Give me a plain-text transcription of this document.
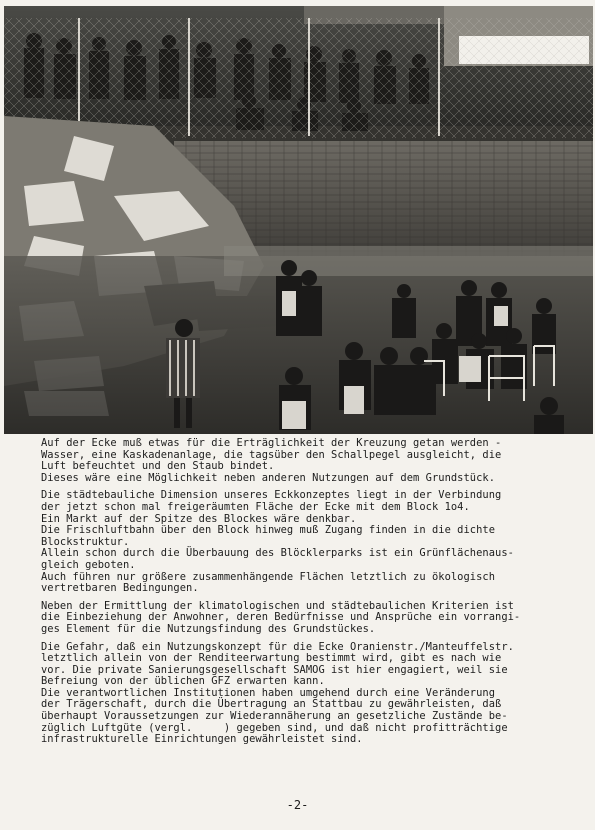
Auf der Ecke muß etwas für die Erträglichkeit der Kreuzung getan werden -
Wasser, eine Kaskadenanlage, die tagsüber den Schallpegel ausgleicht, die
Luft befeuchtet und den Staub bindet.
Dieses wäre eine Möglichkeit neben anderen Nutzungen auf dem Grundstück.
Die städtebauliche Dimension unseres Eckkonzeptes liegt in der Verbindung
der jetzt schon mal freigeräumten Fläche der Ecke mit dem Block 1o4.
Ein Markt auf der Spitze des Blockes wäre denkbar.
Die Frischluftbahn über den Block hinweg muß Zugang finden in die dichte
Blockstruktur.
Allein schon durch die Überbauung des Blöcklerparks ist ein Grünflächenaus-
gleich geboten.
Auch führen nur größere zusammenhängende Flächen letztlich zu ökologisch
vertretbaren Bedingungen.
Neben der Ermittlung der klimatologischen und städtebaulichen Kriterien ist
die Einbeziehung der Anwohner, deren Bedürfnisse und Ansprüche ein vorrangi-
ges Element für die Nutzungsfindung des Grundstückes.
Die Gefahr, daß ein Nutzungskonzept für die Ecke Oranienstr./Manteuffelstr.
letztlich allein von der Renditeerwartung bestimmt wird, gibt es nach wie
vor. Die private Sanierungsgesellschaft SAMOG ist hier engagiert, weil sie
Befreiung von der üblichen GFZ erwarten kann.
Die verantwortlichen Institutionen haben umgehend durch eine Veränderung
der Trägerschaft, durch die Übertragung an Stattbau zu gewährleisten, daß
überhaupt Voraussetzungen zur Wiederannäherung an gesetzliche Zustände be-
züglich Luftgüte (vergl.     ) gegeben sind, und daß nicht profitträchtige
infrastrukturelle Einrichtungen gewährleistet sind.
-2-
